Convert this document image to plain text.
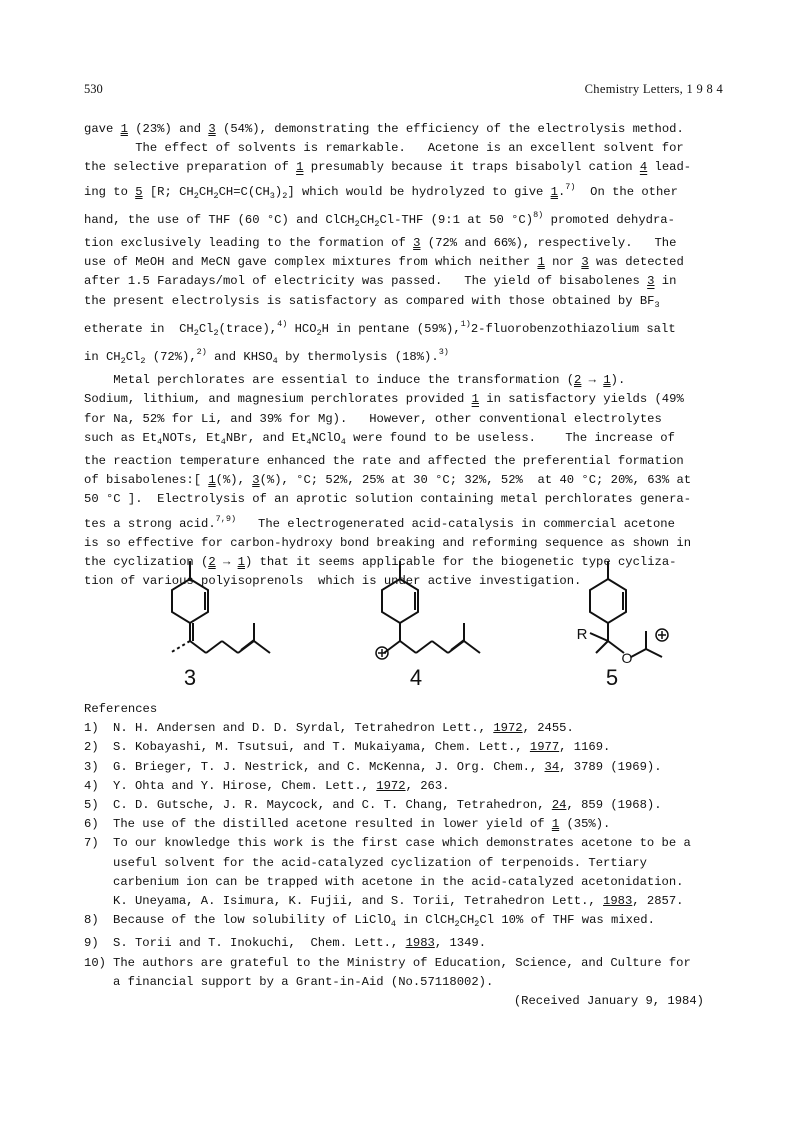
530	Chemistry Letters, 1 9 8 4

gave 1 (23%) and 3 (54%), demonstrating the efficiency of the electrolysis method.

The effect of solvents is remarkable.   Acetone is an excellent solvent for

the selective preparation of 1 presumably because it traps bisabolyl cation 4 lead-

ing to 5 [R; $CH_2CH_2CH=C(CH_3)_2$] which would be hydrolyzed to give 1.$^{7)}$  On the other

hand, the use of THF (60 °C) and $ClCH_2CH_2Cl$-THF (9:1 at 50 °C)$^{8)}$ promoted dehydra-

tion exclusively leading to the formation of 3 (72% and 66%), respectively.   The

use of MeOH and MeCN gave complex mixtures from which neither 1 nor 3 was detected

after 1.5 Faradays/mol of electricity was passed.   The yield of bisabolenes 3 in

the present electrolysis is satisfactory as compared with those obtained by $BF_3$

etherate in  $CH_2Cl_2(trace),^{4)}$ $HCO_2H$ in pentane (59%),$^{1)}$2-fluorobenzothiazolium salt

in $CH_2Cl_2$ (72%),$^{2)}$ and $KHSO_4$ by thermolysis (18%).$^{3)}$

Metal perchlorates are essential to induce the transformation (2 → 1).

Sodium, lithium, and magnesium perchlorates provided 1 in satisfactory yields (49%

for Na, 52% for Li, and 39% for Mg).   However, other conventional electrolytes

such as $Et_4NOTs$, $Et_4NBr$, and $Et_4NClO_4$ were found to be useless.    The increase of

the reaction temperature enhanced the rate and affected the preferential formation

of bisabolenes:[ 1(%), 3(%), °C; 52%, 25% at 30 °C; 32%, 52%  at 40 °C; 20%, 63% at

50 °C ].  Electrolysis of an aprotic solution containing metal perchlorates genera-

tes a strong acid.$^{7,9)}$   The electrogenerated acid-catalysis in commercial acetone

is so effective for carbon-hydroxy bond breaking and reforming sequence as shown in

the cyclization (2 → 1) that it seems applicable for the biogenetic type cycliza-

tion of various polyisoprenols  which is under active investigation.

3	4
R
O
5

References

1)	N. H. Andersen and D. D. Syrdal, Tetrahedron Lett., 1972, 2455.

2)	S. Kobayashi, M. Tsutsui, and T. Mukaiyama, Chem. Lett., 1977, 1169.

3)	G. Brieger, T. J. Nestrick, and C. McKenna, J. Org. Chem., 34, 3789 (1969).

4)	Y. Ohta and Y. Hirose, Chem. Lett., 1972, 263.

5)	C. D. Gutsche, J. R. Maycock, and C. T. Chang, Tetrahedron, 24, 859 (1968).

6)	The use of the distilled acetone resulted in lower yield of 1 (35%).

7)	To our knowledge this work is the first case which demonstrates acetone to be a

useful solvent for the acid-catalyzed cyclization of terpenoids. Tertiary

carbenium ion can be trapped with acetone in the acid-catalyzed acetonidation.

K. Uneyama, A. Isimura, K. Fujii, and S. Torii, Tetrahedron Lett., 1983, 2857.

8)	Because of the low solubility of LiClO$_4$ in $ClCH_2CH_2Cl$ 10% of THF was mixed.

9)	S. Torii and T. Inokuchi,  Chem. Lett., 1983, 1349.

10) The authors are grateful to the Ministry of Education, Science, and Culture for

a financial support by a Grant-in-Aid (No.57118002).

(Received January 9, 1984)
